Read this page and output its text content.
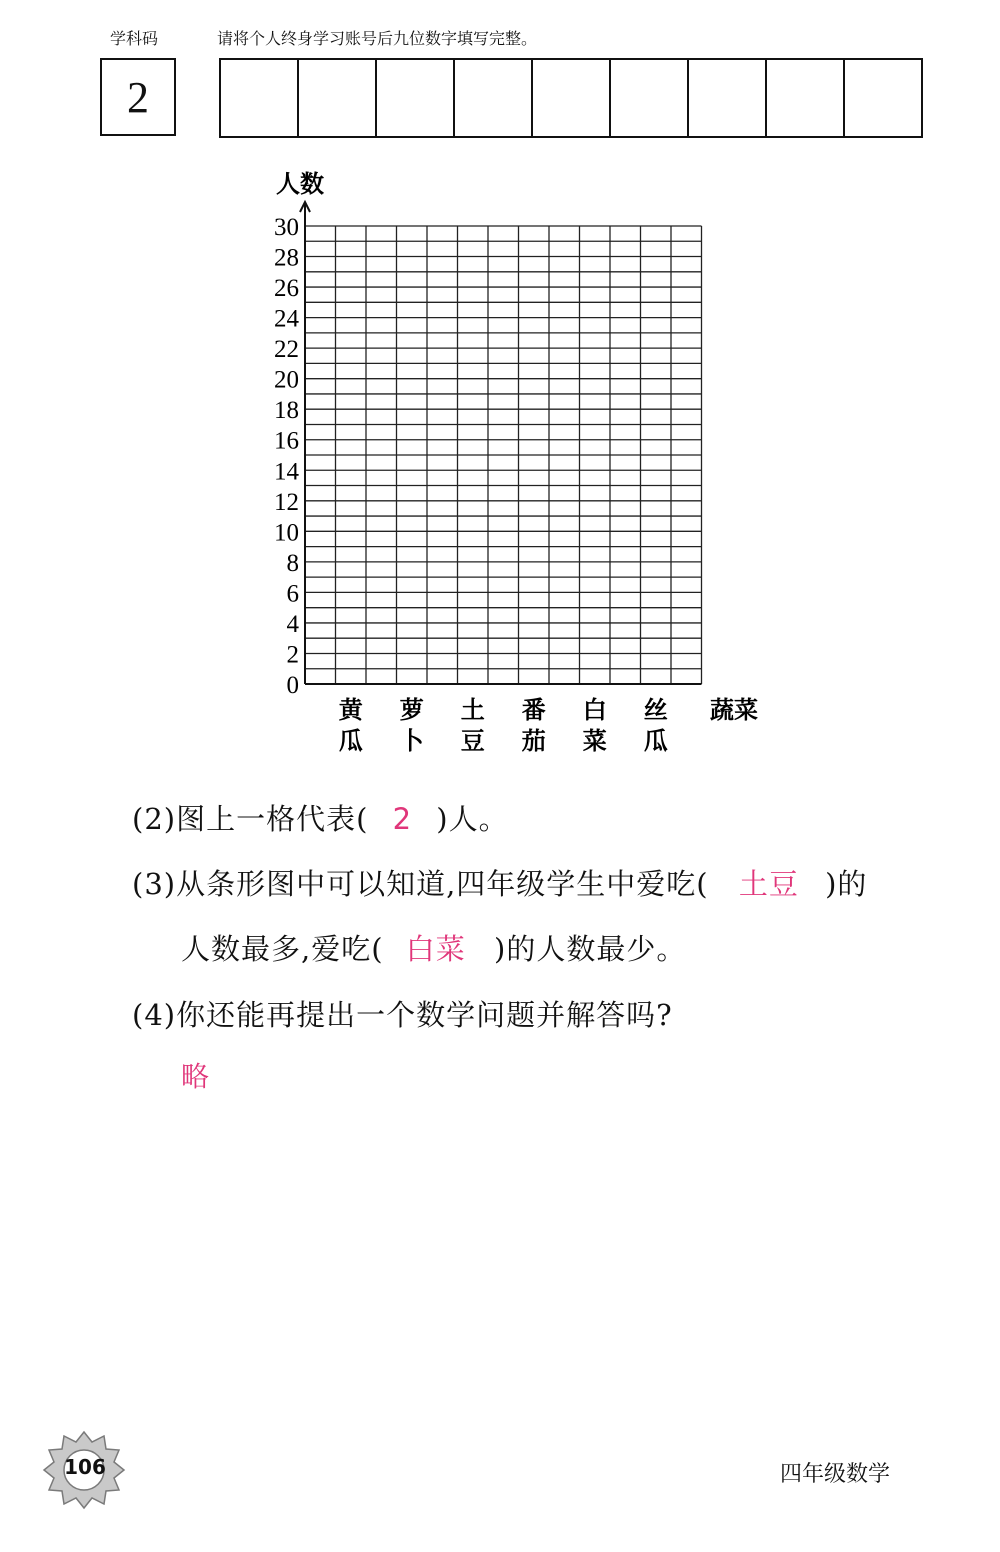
学科码	请将个人终身学习账号后九位数字填写完整。
2
0
2
4
6
8
10
12
14
16
18
20
22
24
26
28
30
黄
瓜
萝
卜
土
豆
番
茄
白
菜
丝
瓜
人数
蔬菜
(2)图上一格代表( 2 )人。
(3)从条形图中可以知道,四年级学生中爱吃( 土豆 )的
人数最多,爱吃( 白菜 )的人数最少。
(4)你还能再提出一个数学问题并解答吗?
略
106	四年级数学
